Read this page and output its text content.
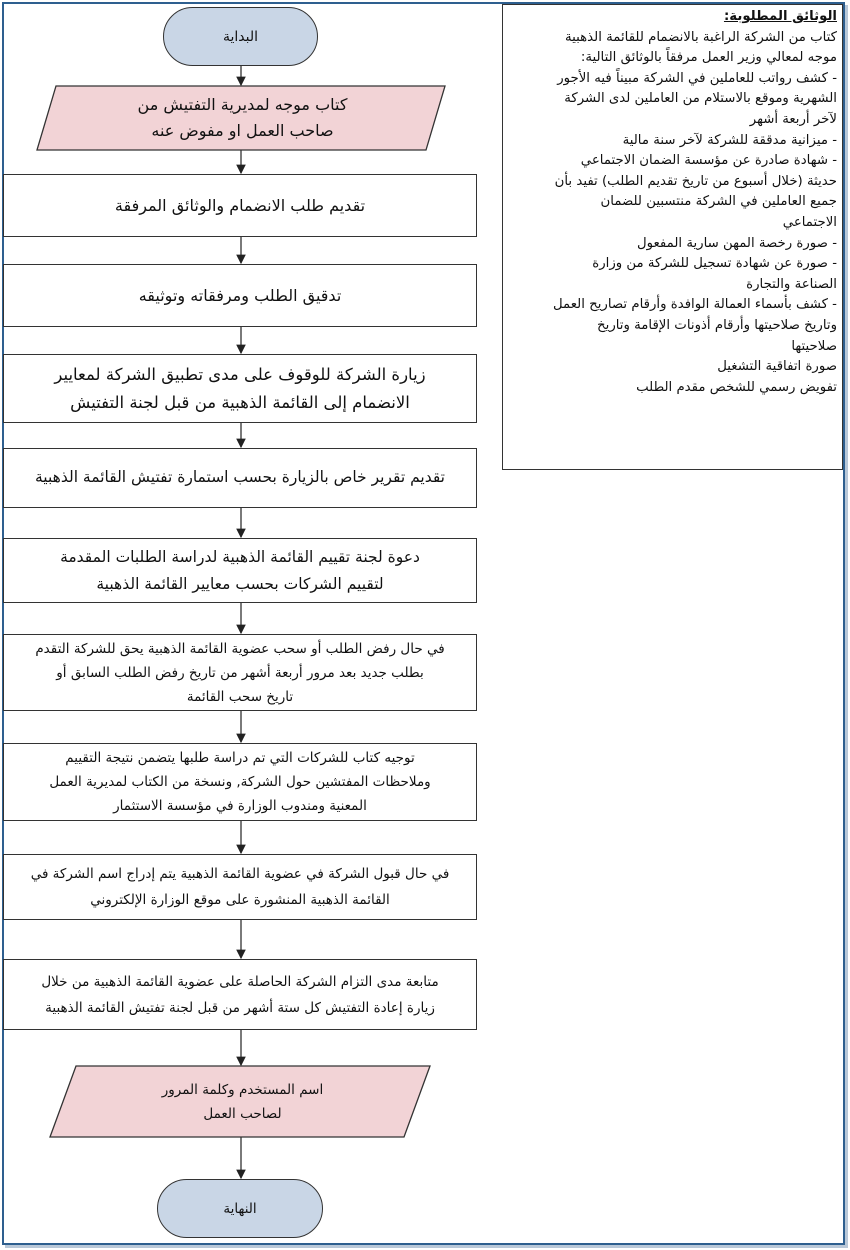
البداية
كتاب موجه لمديرية التفتيش من
صاحب العمل او مفوض عنه
تقديم طلب الانضمام والوثائق المرفقة
تدقيق الطلب ومرفقاته وتوثيقه
زيارة الشركة للوقوف على مدى تطبيق الشركة لمعايير
الانضمام إلى القائمة الذهبية من قبل لجنة التفتيش
تقديم تقرير خاص بالزيارة بحسب استمارة تفتيش القائمة الذهبية
دعوة لجنة تقييم القائمة الذهبية لدراسة الطلبات المقدمة
لتقييم الشركات بحسب معايير القائمة الذهبية
في حال رفض الطلب أو سحب عضوية القائمة الذهبية يحق للشركة التقدم
بطلب جديد بعد مرور أربعة أشهر من تاريخ رفض الطلب السابق أو
تاريخ سحب القائمة
توجيه كتاب للشركات التي تم دراسة طلبها يتضمن نتيجة التقييم
وملاحظات المفتشين حول الشركة, ونسخة من الكتاب لمديرية العمل
المعنية ومندوب الوزارة في مؤسسة الاستثمار
في حال قبول الشركة في عضوية القائمة الذهبية يتم إدراج اسم الشركة في
القائمة الذهبية المنشورة على موقع الوزارة الإلكتروني
متابعة مدى التزام الشركة الحاصلة على عضوية القائمة الذهبية من خلال
زيارة إعادة التفتيش كل ستة أشهر من قبل لجنة تفتيش القائمة الذهبية
اسم المستخدم وكلمة المرور
لصاحب العمل
النهاية
الوثائق المطلوبة:
كتاب من الشركة الراغبة بالانضمام للقائمة الذهبية
موجه لمعالي وزير العمل مرفقاً بالوثائق التالية:
- كشف رواتب للعاملين في الشركة مبيناً فيه الأجور
الشهرية وموقع بالاستلام من العاملين لدى الشركة
لآخر أربعة أشهر
- ميزانية مدققة للشركة لآخر سنة مالية
- شهادة صادرة عن مؤسسة الضمان الاجتماعي
حديثة (خلال أسبوع من تاريخ تقديم الطلب) تفيد بأن
جميع العاملين في الشركة منتسبين للضمان
الاجتماعي
- صورة رخصة المهن سارية المفعول
- صورة عن شهادة تسجيل للشركة من وزارة
الصناعة والتجارة
- كشف بأسماء العمالة الوافدة وأرقام تصاريح العمل
وتاريخ صلاحيتها وأرقام أذونات الإقامة وتاريخ
صلاحيتها
صورة اتفاقية التشغيل
تفويض رسمي للشخص مقدم الطلب
